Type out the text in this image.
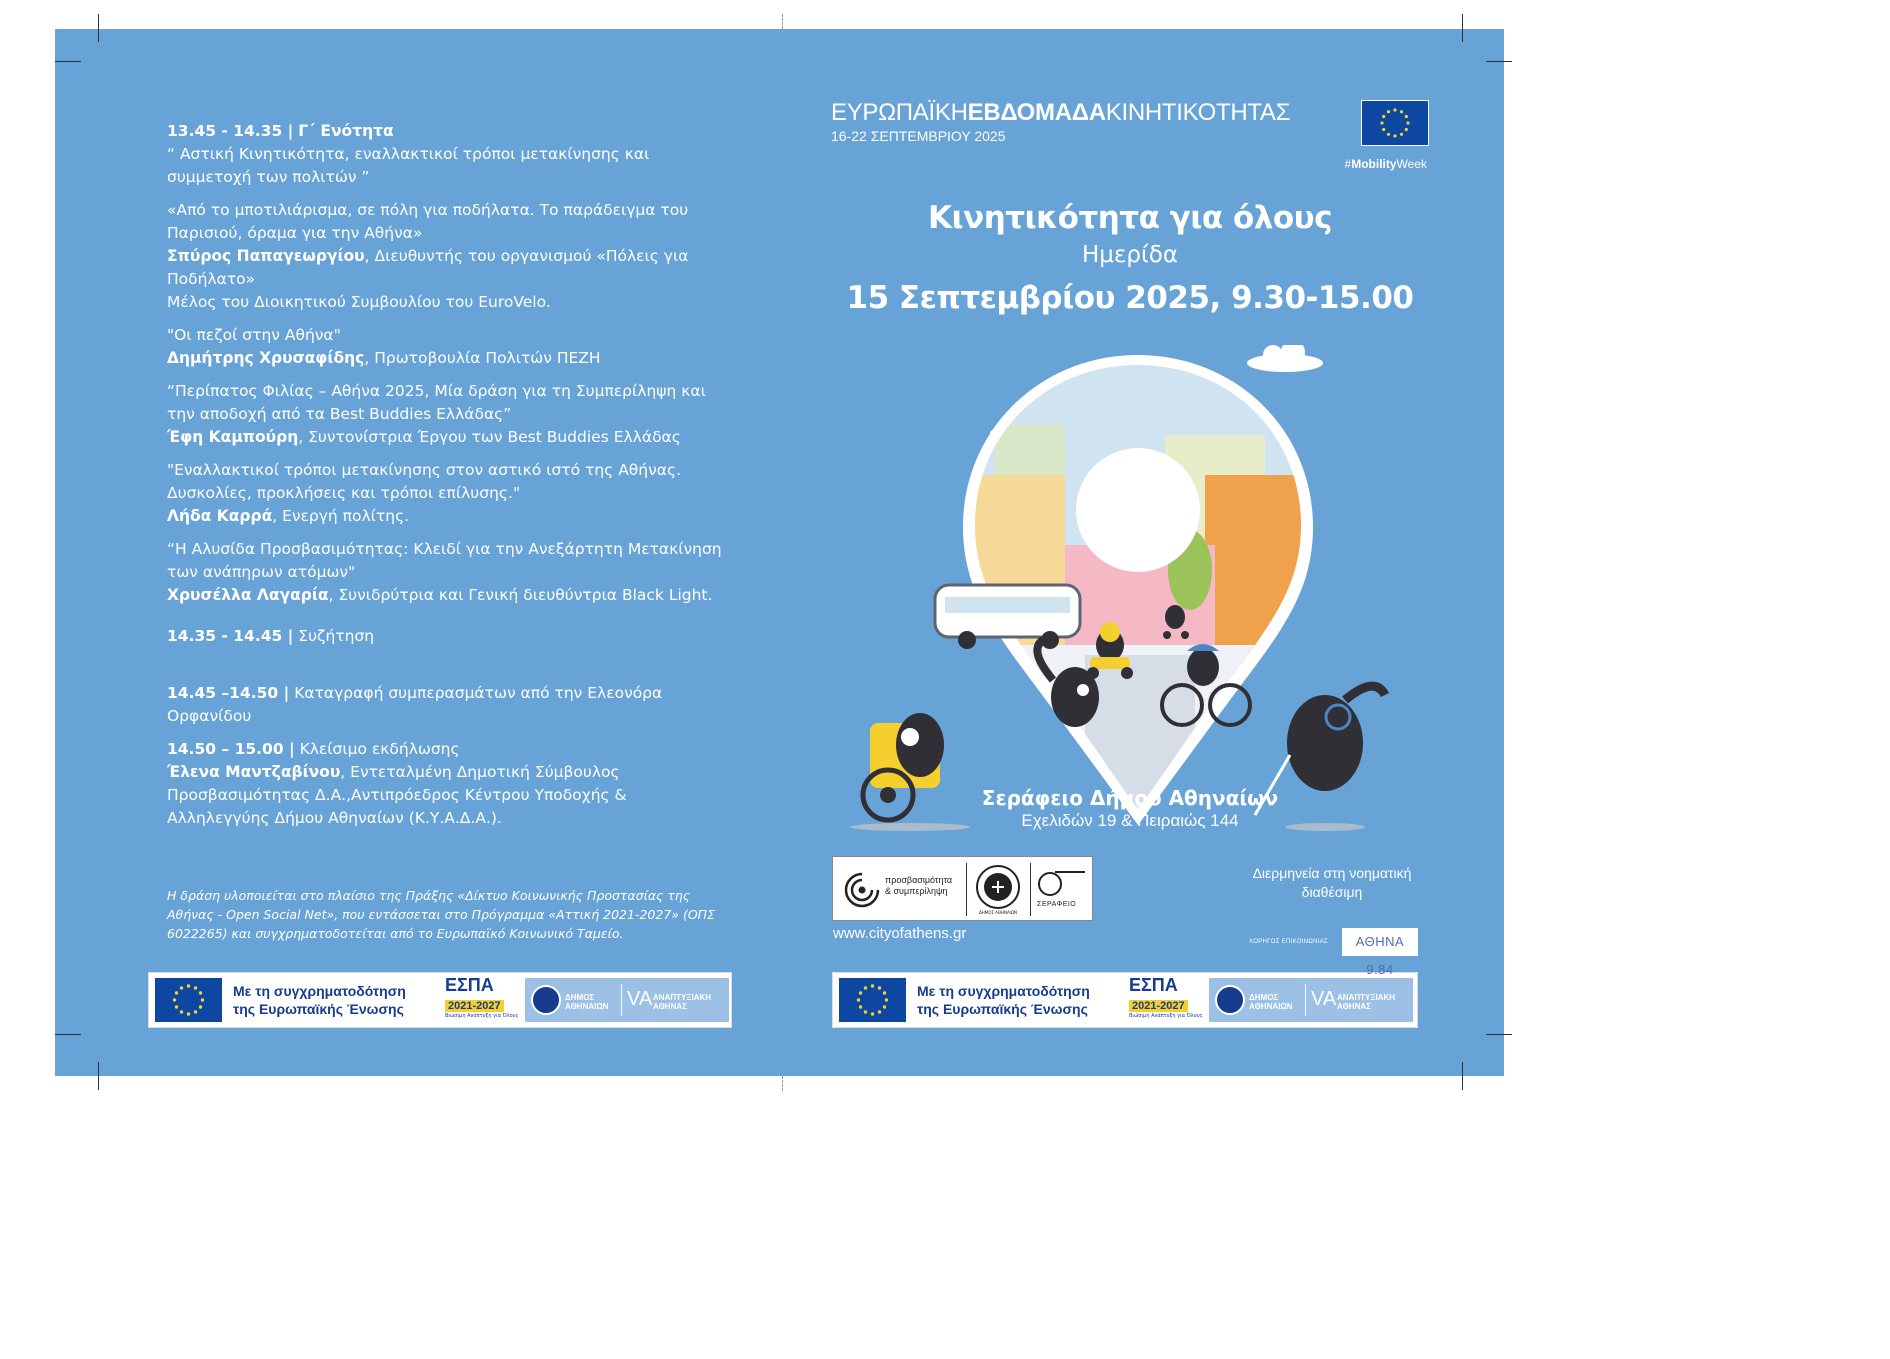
13.45 - 14.35 | Γ΄ Ενότητα
“ Αστική Κινητικότητα, εναλλακτικοί τρόποι μετακίνησης και συμμετοχή των πολιτών ”

«Από το μποτιλιάρισμα, σε πόλη για ποδήλατα. Το παράδειγμα του Παρισιού, όραμα για την Αθήνα»
Σπύρος Παπαγεωργίου, Διευθυντής του οργανισμού «Πόλεις για Ποδήλατο»
Μέλος του Διοικητικού Συμβουλίου του EuroVelo.

"Οι πεζοί στην Αθήνα"
Δημήτρης Χρυσαφίδης, Πρωτοβουλία Πολιτών ΠΕΖΗ

“Περίπατος Φιλίας – Αθήνα 2025, Μία δράση για τη Συμπερίληψη και την αποδοχή από τα Best Buddies Ελλάδας”
Έφη Καμπούρη, Συντονίστρια Έργου των Best Buddies Ελλάδας

"Εναλλακτικοί τρόποι μετακίνησης στον αστικό ιστό της Αθήνας. Δυσκολίες, προκλήσεις και τρόποι επίλυσης."
Λήδα Καρρά, Ενεργή πολίτης.

“Η Αλυσίδα Προσβασιμότητας: Κλειδί για την Ανεξάρτητη Μετακίνηση των ανάπηρων ατόμων"
Χρυσέλλα Λαγαρία, Συνιδρύτρια και Γενική διευθύντρια Black Light.

14.35 - 14.45 | Συζήτηση

14.45 –14.50 | Καταγραφή συμπερασμάτων από την Ελεονόρα Ορφανίδου

14.50 – 15.00 | Κλείσιμο εκδήλωσης
Έλενα Μαντζαβίνου, Εντεταλμένη Δημοτική Σύμβουλος Προσβασιμότητας Δ.Α.,Αντιπρόεδρος Κέντρου Υποδοχής & Αλληλεγγύης Δήμου Αθηναίων (Κ.Υ.Α.Δ.Α.).

Η δράση υλοποιείται στο πλαίσιο της Πράξης «Δίκτυο Κοινωνικής Προστασίας της Αθήνας - Open Social Net», που εντάσσεται στο Πρόγραμμα «Αττική 2021-2027» (ΟΠΣ 6022265) και συγχρηματοδοτείται από το Ευρωπαϊκό Κοινωνικό Ταμείο.
Με τη συγχρηματοδότηση
της Ευρωπαϊκής Ένωσης
ΕΣΠΑ
2021-2027
Βιώσιμη Ανάπτυξη για Όλους
ΔΗΜΟΣ
ΑΘΗΝΑΙΩΝ VA ΑΝΑΠΤΥΞΙΑΚΗ
ΑΘΗΝΑΣ
Με τη συγχρηματοδότηση
της Ευρωπαϊκής Ένωσης
ΕΣΠΑ
2021-2027
Βιώσιμη Ανάπτυξη για Όλους
ΔΗΜΟΣ
ΑΘΗΝΑΙΩΝ VA ΑΝΑΠΤΥΞΙΑΚΗ
ΑΘΗΝΑΣ
ΕΥΡΩΠΑΪΚΗΕΒΔΟΜΑΔΑΚΙΝΗΤΙΚΟΤΗΤΑΣ
16-22 ΣΕΠΤΕΜΒΡΙΟΥ 2025
#MobilityWeek
Κινητικότητα για όλους
Ημερίδα
15 Σεπτεμβρίου 2025, 9.30-15.00
Σεράφειο Δήμου Αθηναίων
Εχελιδών 19 & Πειραιώς 144
προσβασιμότητα
& συμπερίληψη
ΔΗΜΟΣ ΑΘΗΝΑΙΩΝ
ΣΕΡΑΦΕΙΟ
www.cityofathens.gr
Διερμηνεία στη νοηματική διαθέσιμη
ΧΟΡΗΓΟΣ ΕΠΙΚΟΙΝΩΝΙΑΣ	ΑΘΗΝΑ 9.84
